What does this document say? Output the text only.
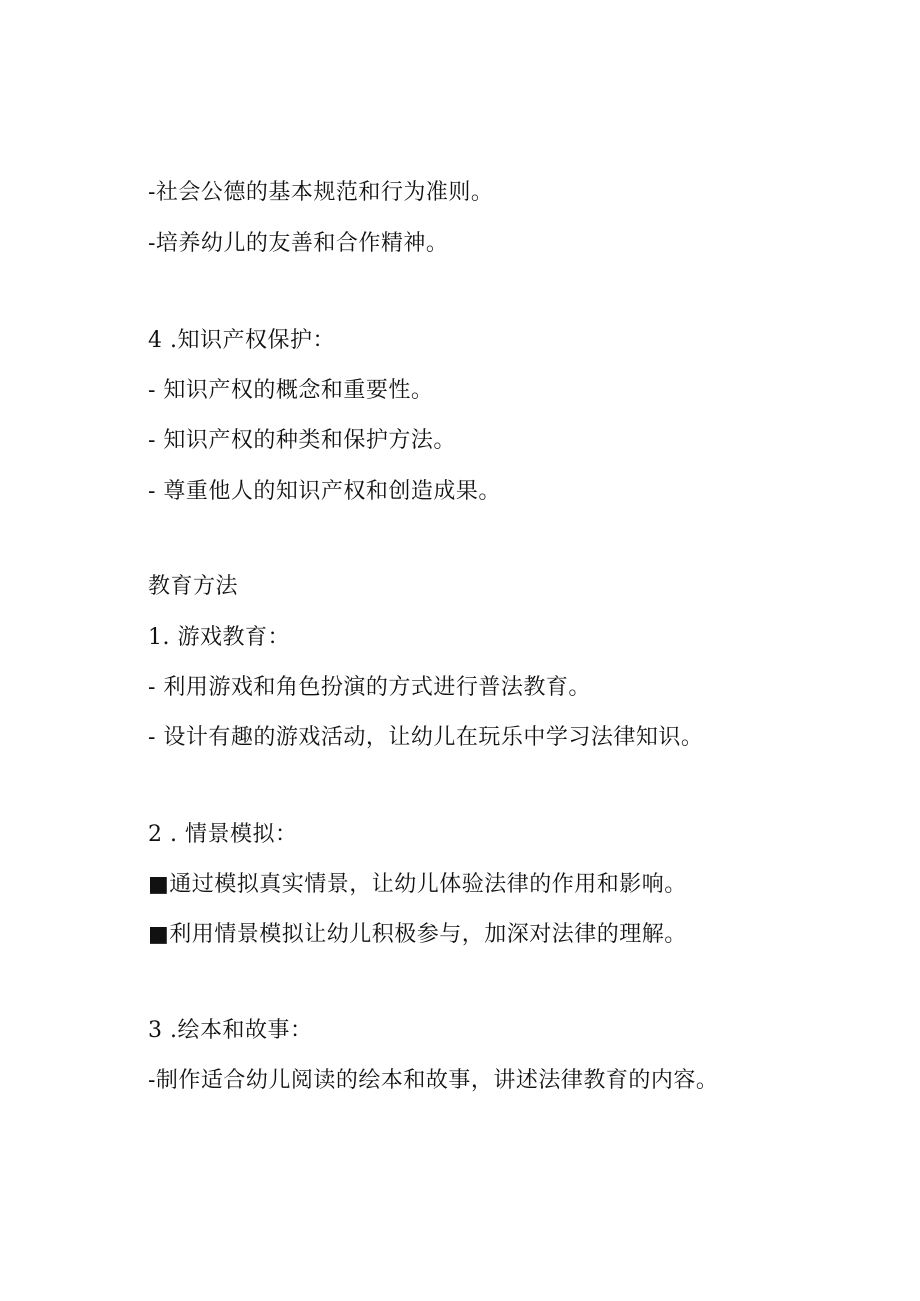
-社会公德的基本规范和行为准则。
-培养幼儿的友善和合作精神。
4 .知识产权保护：
- 知识产权的概念和重要性。
- 知识产权的种类和保护方法。
- 尊重他人的知识产权和创造成果。
教育方法
1. 游戏教育：
- 利用游戏和角色扮演的方式进行普法教育。
- 设计有趣的游戏活动，让幼儿在玩乐中学习法律知识。
2 . 情景模拟：
■通过模拟真实情景，让幼儿体验法律的作用和影响。
■利用情景模拟让幼儿积极参与，加深对法律的理解。
3 .绘本和故事：
-制作适合幼儿阅读的绘本和故事，讲述法律教育的内容。
